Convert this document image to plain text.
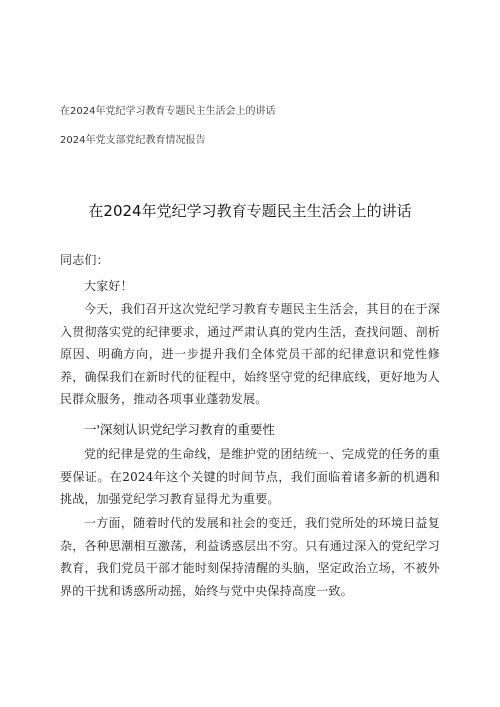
在2024年党纪学习教育专题民主生活会上的讲话
2024年党支部党纪教育情况报告
在2024年党纪学习教育专题民主生活会上的讲话
同志们：
大家好！
今天，我们召开这次党纪学习教育专题民主生活会，其目的在于深入贯彻落实党的纪律要求，通过严肃认真的党内生活，查找问题、剖析原因、明确方向，进一步提升我们全体党员干部的纪律意识和党性修养，确保我们在新时代的征程中，始终坚守党的纪律底线，更好地为人民群众服务，推动各项事业蓬勃发展。
一'深刻认识党纪学习教育的重要性
党的纪律是党的生命线，是维护党的团结统一、完成党的任务的重要保证。在2024年这个关键的时间节点，我们面临着诸多新的机遇和挑战，加强党纪学习教育显得尤为重要。
一方面，随着时代的发展和社会的变迁，我们党所处的环境日益复杂，各种思潮相互激荡，利益诱惑层出不穷。只有通过深入的党纪学习教育，我们党员干部才能时刻保持清醒的头脑，坚定政治立场，不被外界的干扰和诱惑所动摇，始终与党中央保持高度一致。
